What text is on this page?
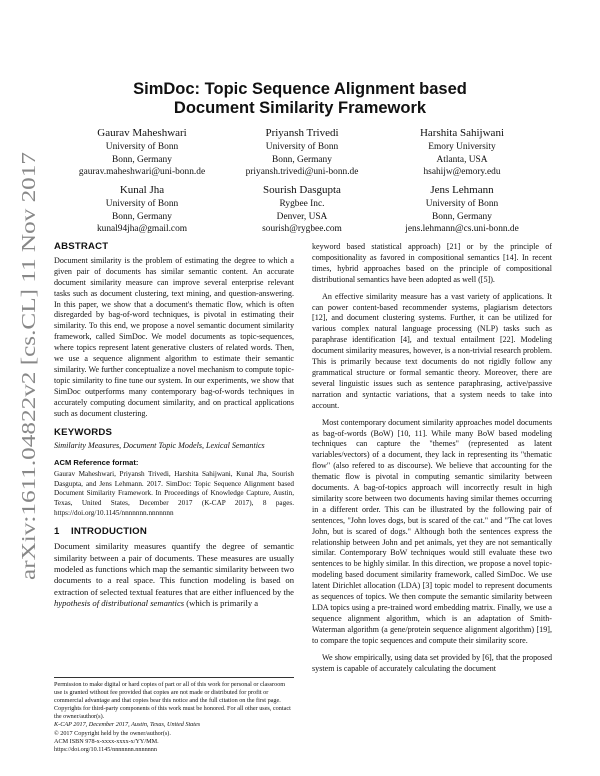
arXiv:1611.04822v2 [cs.CL] 11 Nov 2017
SimDoc: Topic Sequence Alignment based
Document Similarity Framework
Gaurav Maheshwari
University of Bonn
Bonn, Germany
gaurav.maheshwari@uni-bonn.de
Priyansh Trivedi
University of Bonn
Bonn, Germany
priyansh.trivedi@uni-bonn.de
Harshita Sahijwani
Emory University
Atlanta, USA
hsahijw@emory.edu
Kunal Jha
University of Bonn
Bonn, Germany
kunal94jha@gmail.com
Sourish Dasgupta
Rygbee Inc.
Denver, USA
sourish@rygbee.com
Jens Lehmann
University of Bonn
Bonn, Germany
jens.lehmann@cs.uni-bonn.de
ABSTRACT

Document similarity is the problem of estimating the degree to which a given pair of documents has similar semantic content. An accurate document similarity measure can improve several enterprise relevant tasks such as document clustering, text mining, and question-answering. In this paper, we show that a document's thematic flow, which is often disregarded by bag-of-word techniques, is pivotal in estimating their similarity. To this end, we propose a novel semantic document similarity framework, called SimDoc. We model documents as topic-sequences, where topics represent latent generative clusters of related words. Then, we use a sequence alignment algorithm to estimate their semantic similarity. We further conceptualize a novel mechanism to compute topic-topic similarity to fine tune our system. In our experiments, we show that SimDoc outperforms many contemporary bag-of-words techniques in accurately computing document similarity, and on practical applications such as document clustering.

KEYWORDS
Similarity Measures, Document Topic Models, Lexical Semantics
ACM Reference format:
Gaurav Maheshwari, Priyansh Trivedi, Harshita Sahijwani, Kunal Jha, Sourish Dasgupta, and Jens Lehmann. 2017. SimDoc: Topic Sequence Alignment based Document Similarity Framework. In Proceedings of Knowledge Capture, Austin, Texas, United States, December 2017 (K-CAP 2017), 8 pages. https://doi.org/10.1145/nnnnnnn.nnnnnnn
1    INTRODUCTION

Document similarity measures quantify the degree of semantic similarity between a pair of documents. These measures are usually modeled as functions which map the semantic similarity between two documents to a real space. This function modeling is based on extraction of selected textual features that are either influenced by the hypothesis of distributional semantics (which is primarily a

Permission to make digital or hard copies of part or all of this work for personal or classroom use is granted without fee provided that copies are not made or distributed for profit or commercial advantage and that copies bear this notice and the full citation on the first page. Copyrights for third-party components of this work must be honored. For all other uses, contact the owner/author(s).
K-CAP 2017, December 2017, Austin, Texas, United States
© 2017 Copyright held by the owner/author(s).
ACM ISBN 978-x-xxxx-xxxx-x/YY/MM.
https://doi.org/10.1145/nnnnnnn.nnnnnnn

keyword based statistical approach) [21] or by the principle of compositionality as favored in compositional semantics [14]. In recent times, hybrid approaches based on the principle of compositional distributional semantics have been adopted as well ([5]).

An effective similarity measure has a vast variety of applications. It can power content-based recommender systems, plagiarism detectors [12], and document clustering systems. Further, it can be utilized for various complex natural language processing (NLP) tasks such as paraphrase identification [4], and textual entailment [22]. Modeling document similarity measures, however, is a non-trivial research problem. This is primarily because text documents do not rigidly follow any grammatical structure or formal semantic theory. Moreover, there are several linguistic issues such as sentence paraphrasing, active/passive narration and syntactic variations, that a system needs to take into account.

Most contemporary document similarity approaches model documents as bag-of-words (BoW) [10, 11]. While many BoW based modeling techniques can capture the "themes" (represented as latent variables/vectors) of a document, they lack in representing its "thematic flow" (also refered to as discourse). We believe that accounting for the thematic flow is pivotal in computing semantic similarity between documents. A bag-of-topics approach will incorrectly result in high similarity score between two documents having similar themes occurring in a different order. This can be illustrated by the following pair of sentences, "John loves dogs, but is scared of the cat." and "The cat loves John, but is scared of dogs." Although both the sentences express the relationship between John and pet animals, yet they are not semantically similar. Contemporary BoW techniques would still evaluate these two sentences to be highly similar. In this direction, we propose a novel topic-modeling based document similarity framework, called SimDoc. We use latent Dirichlet allocation (LDA) [3] topic model to represent documents as sequences of topics. We then compute the semantic similarity between LDA topics using a pre-trained word embedding matrix. Finally, we use a sequence alignment algorithm, which is an adaptation of Smith-Waterman algorithm (a gene/protein sequence alignment algorithm) [19], to compare the topic sequences and compute their similarity score.

We show empirically, using data set provided by [6], that the proposed system is capable of accurately calculating the document
